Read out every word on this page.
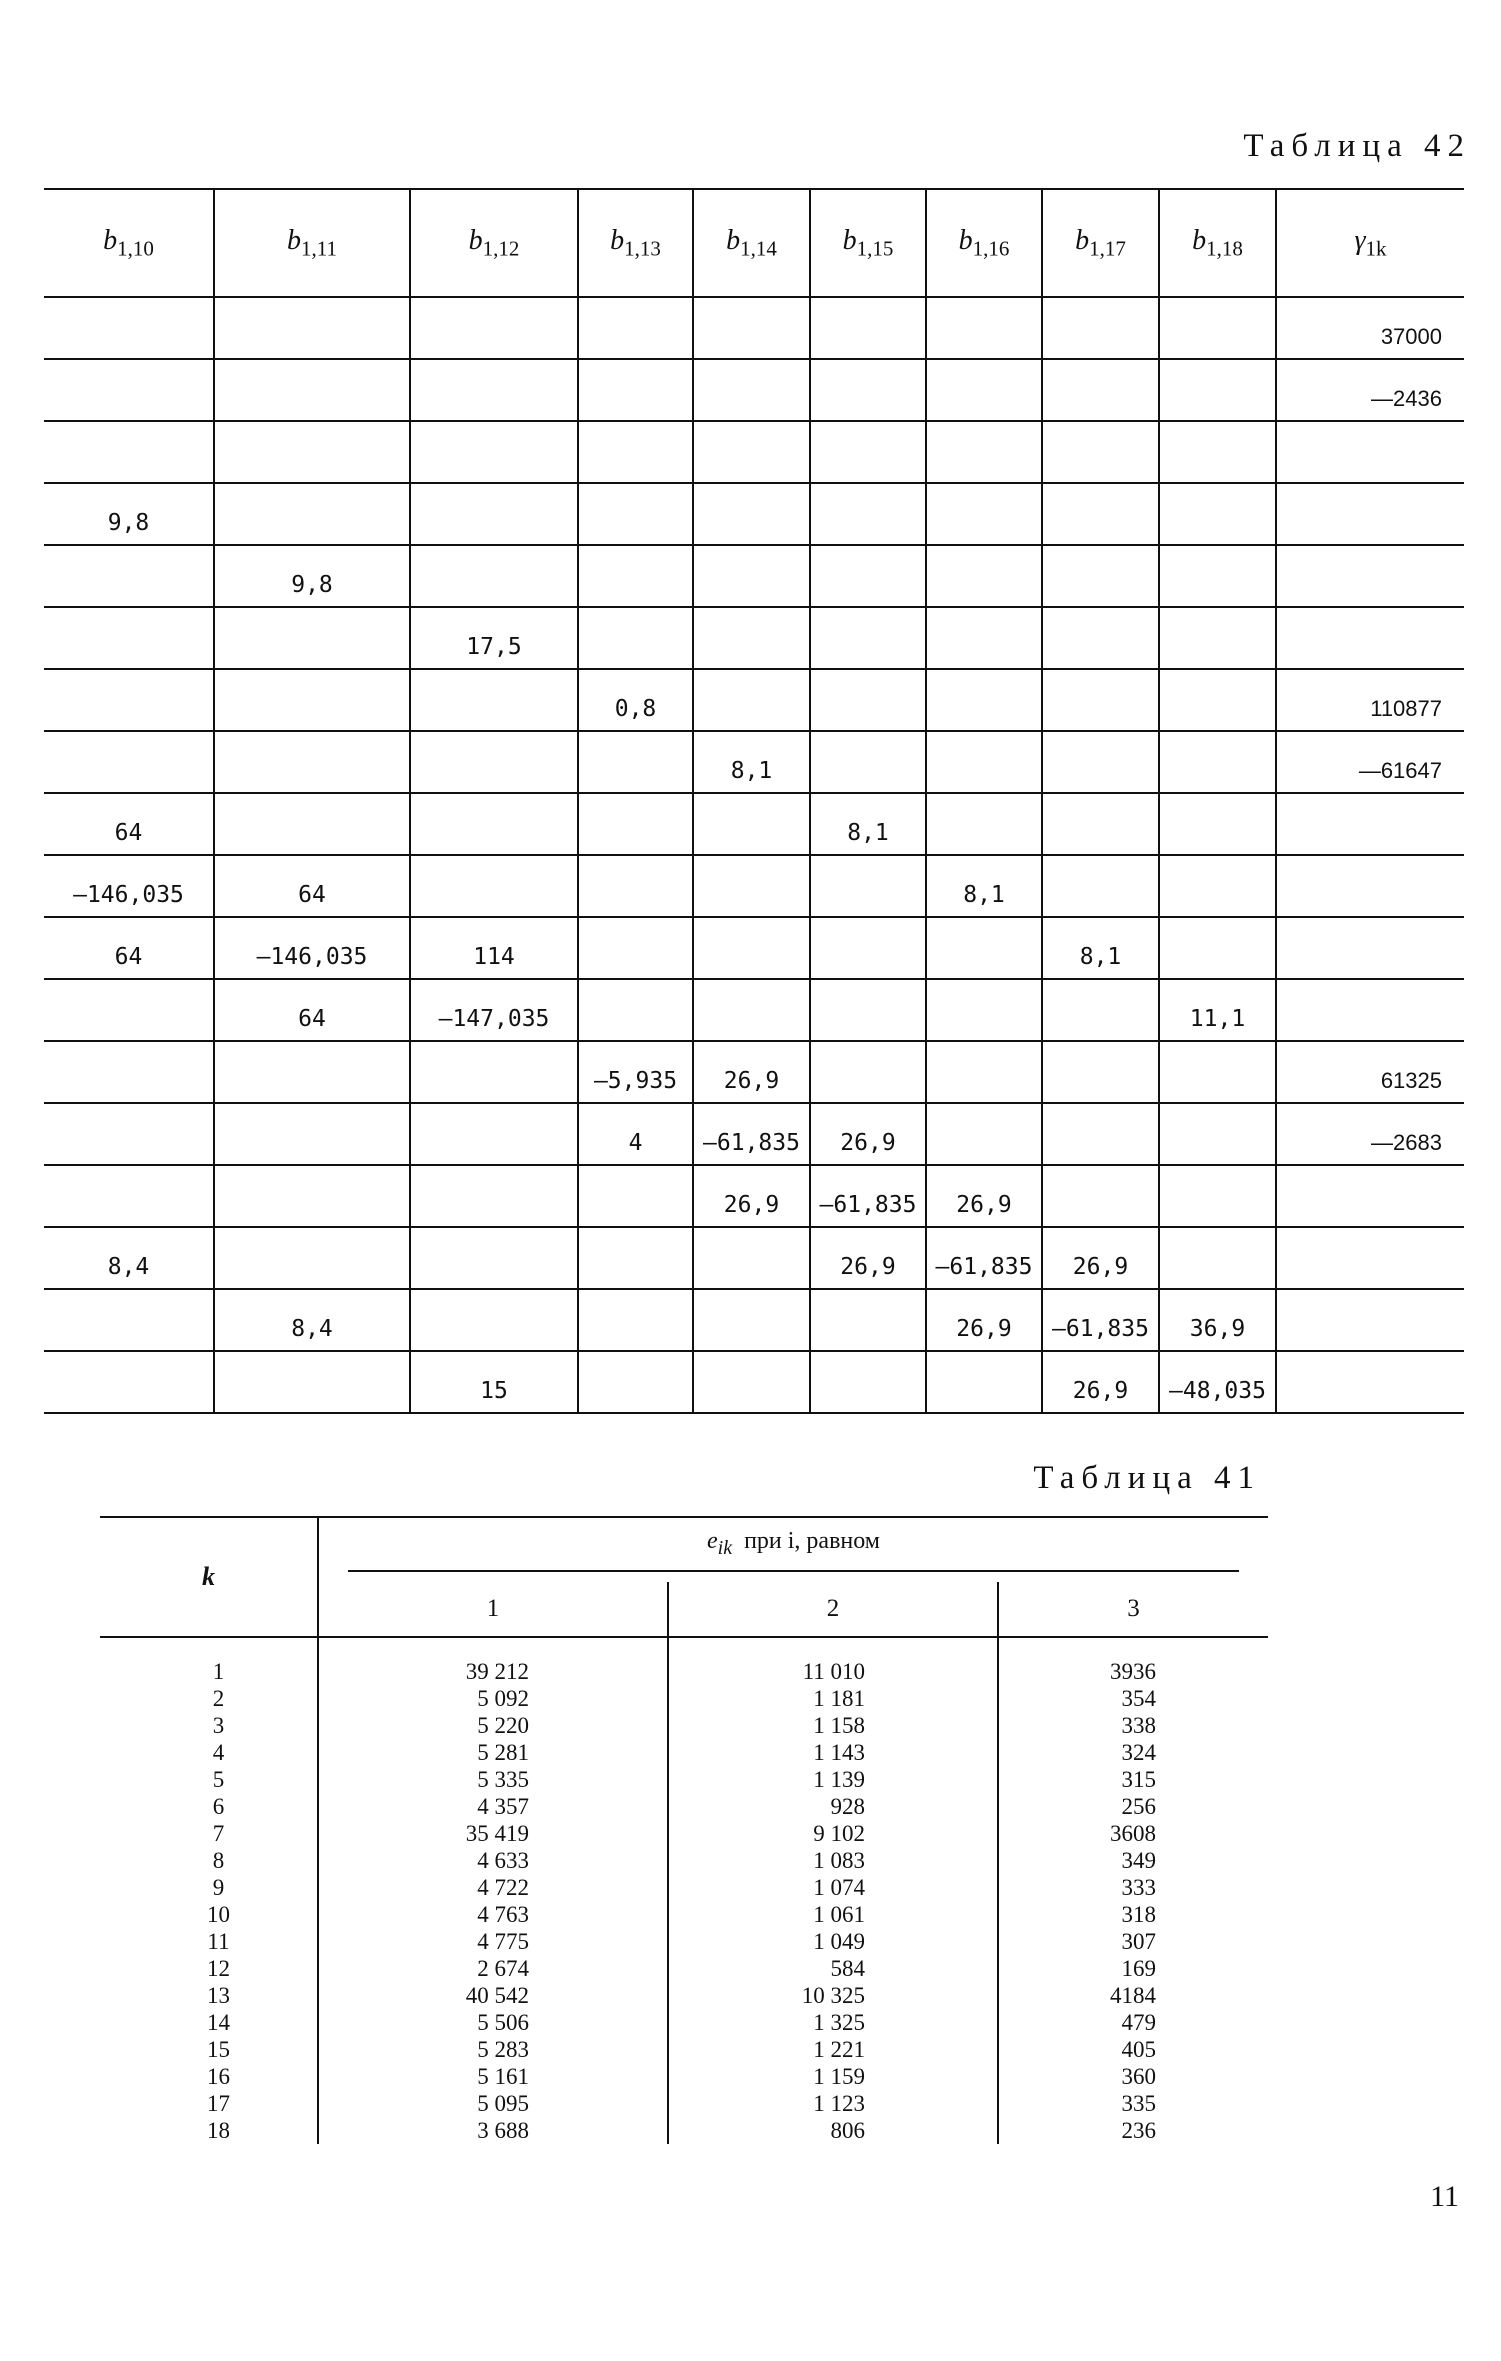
Таблица 42
$b_{1,10}$	$b_{1,11}$	$b_{1,12}$	$b_{1,13}$	$b_{1,14}$	$b_{1,15}$	$b_{1,16}$	$b_{1,17}$	$b_{1,18}$	$\gamma_{1k}$
									37000
									—2436

9,8									
	9,8								
		17,5							
			0,8						110877
				8,1					—61647
64					8,1				
—146,035	64					8,1			
64	—146,035	114					8,1		
	64	—147,035						11,1	
			—5,935	26,9					61325
			4	—61,835	26,9				—2683
				26,9	—61,835	26,9			
8,4					26,9	—61,835	26,9		
	8,4					26,9	—61,835	36,9	
		15					26,9	—48,035	
Таблица 41
k	$e_{ik}$ при i, равном		
	1	2	3
1	39 212	11 010	3936
2	5 092	1 181	354
3	5 220	1 158	338
4	5 281	1 143	324
5	5 335	1 139	315
6	4 357	928	256
7	35 419	9 102	3608
8	4 633	1 083	349
9	4 722	1 074	333
10	4 763	1 061	318
11	4 775	1 049	307
12	2 674	584	169
13	40 542	10 325	4184
14	5 506	1 325	479
15	5 283	1 221	405
16	5 161	1 159	360
17	5 095	1 123	335
18	3 688	806	236
11
